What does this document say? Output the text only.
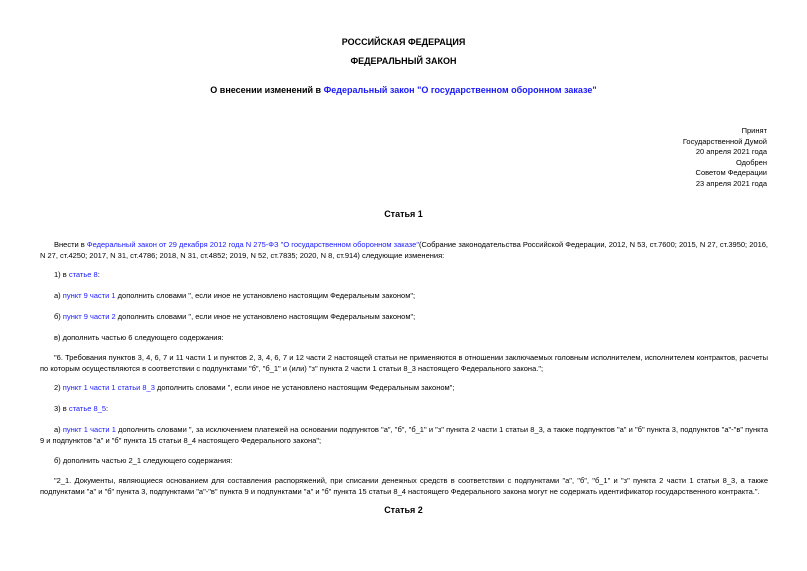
РОССИЙСКАЯ ФЕДЕРАЦИЯ
ФЕДЕРАЛЬНЫЙ ЗАКОН
О внесении изменений в Федеральный закон "О государственном оборонном заказе"
Принят
Государственной Думой
20 апреля 2021 года
Одобрен
Советом Федерации
23 апреля 2021 года
Статья 1
Внести в Федеральный закон от 29 декабря 2012 года N 275-ФЗ "О государственном оборонном заказе"(Собрание законодательства Российской Федерации, 2012, N 53, ст.7600; 2015, N 27, ст.3950; 2016, N 27, ст.4250; 2017, N 31, ст.4786; 2018, N 31, ст.4852; 2019, N 52, ст.7835; 2020, N 8, ст.914) следующие изменения:
1) в статье 8:
а) пункт 9 части 1 дополнить словами ", если иное не установлено настоящим Федеральным законом";
б) пункт 9 части 2 дополнить словами ", если иное не установлено настоящим Федеральным законом";
в) дополнить частью 6 следующего содержания:
"6. Требования пунктов 3, 4, 6, 7 и 11 части 1 и пунктов 2, 3, 4, 6, 7 и 12 части 2 настоящей статьи не применяются в отношении заключаемых головным исполнителем, исполнителем контрактов, расчеты по которым осуществляются в соответствии с подпунктами "б", "б_1" и (или) "з" пункта 2 части 1 статьи 8_3 настоящего Федерального закона.";
2) пункт 1 части 1 статьи 8_3 дополнить словами ", если иное не установлено настоящим Федеральным законом";
3) в статье 8_5:
а) пункт 1 части 1 дополнить словами ", за исключением платежей на основании подпунктов "а", "б", "б_1" и "з" пункта 2 части 1 статьи 8_3, а также подпунктов "а" и "б" пункта 3, подпунктов "а"-"в" пункта 9 и подпунктов "а" и "б" пункта 15 статьи 8_4 настоящего Федерального закона";
б) дополнить частью 2_1 следующего содержания:
"2_1. Документы, являющиеся основанием для составления распоряжений, при списании денежных средств в соответствии с подпунктами "а", "б", "б_1" и "з" пункта 2 части 1 статьи 8_3, а также подпунктами "а" и "б" пункта 3, подпунктами "а"-"в" пункта 9 и подпунктами "а" и "б" пункта 15 статьи 8_4 настоящего Федерального закона могут не содержать идентификатор государственного контракта.".
Статья 2
